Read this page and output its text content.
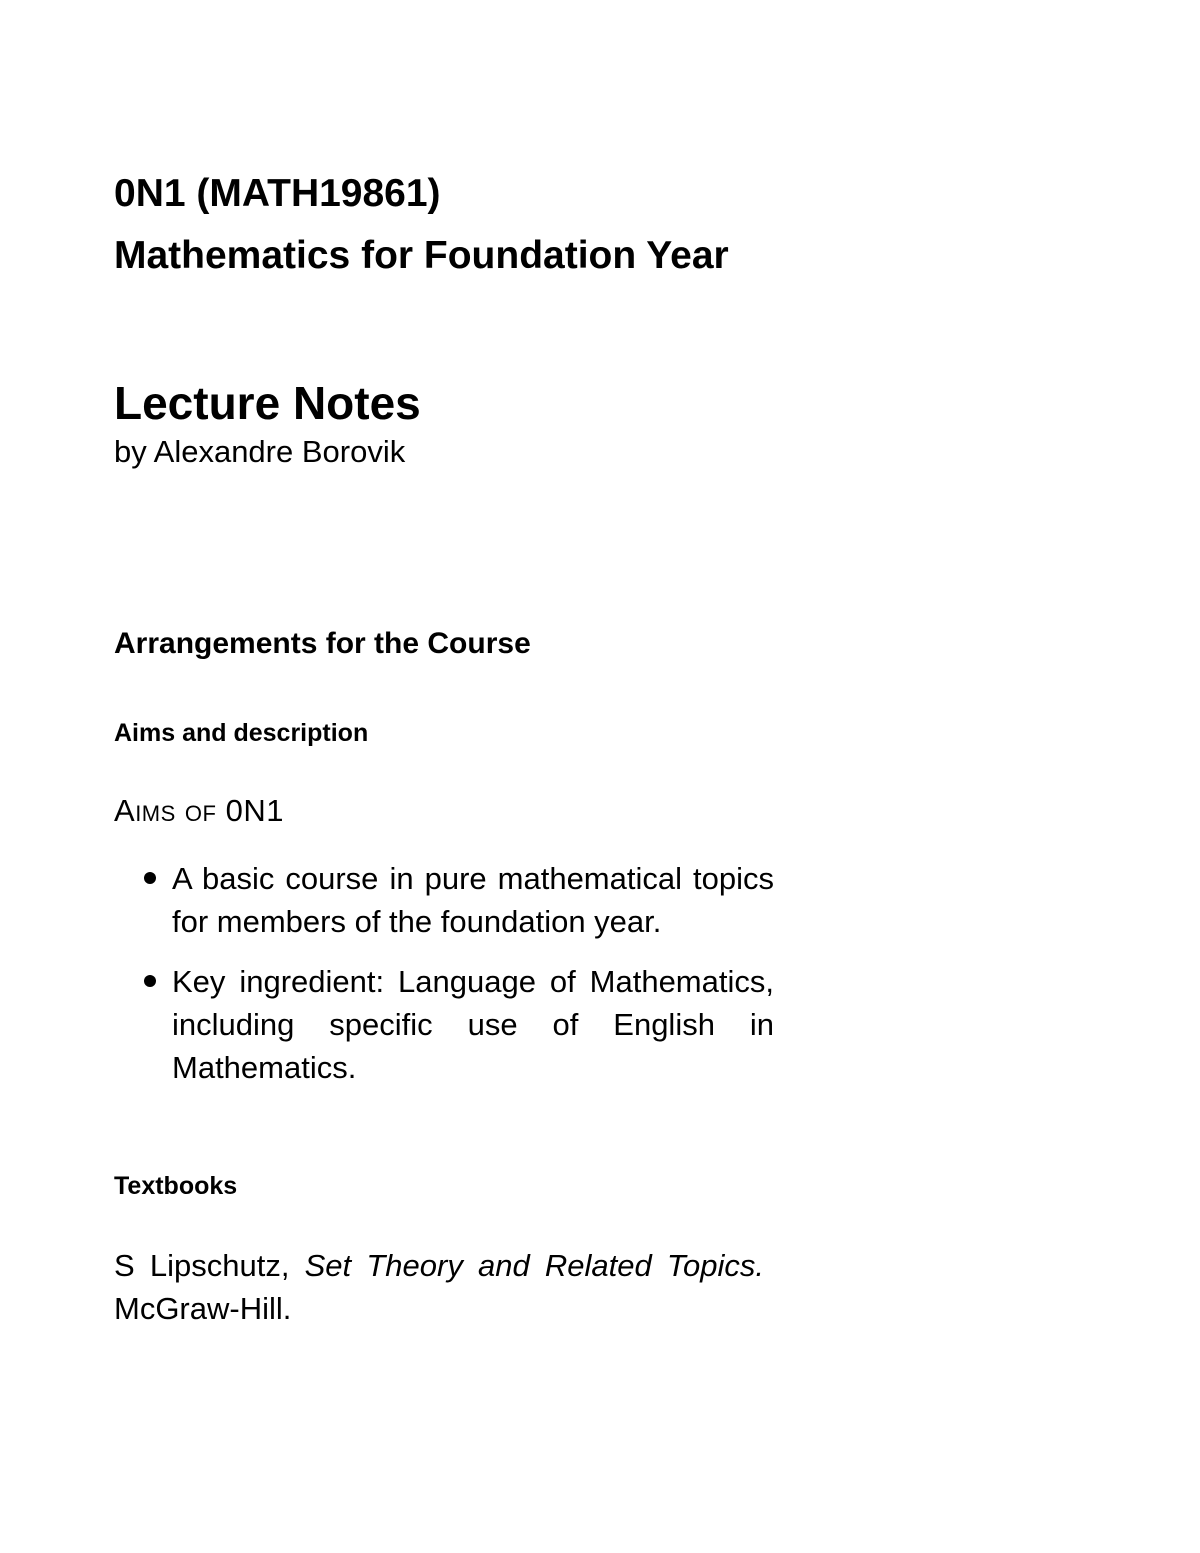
0N1 (MATH19861)
Mathematics for Foundation Year
Lecture Notes
by Alexandre Borovik
Arrangements for the Course
Aims and description
Aims of 0N1
A basic course in pure mathematical topics for members of the foundation year.
Key ingredient: Language of Mathematics, including specific use of English in Mathematics.
Textbooks

S Lipschutz, Set Theory and Related Topics. McGraw-Hill.
